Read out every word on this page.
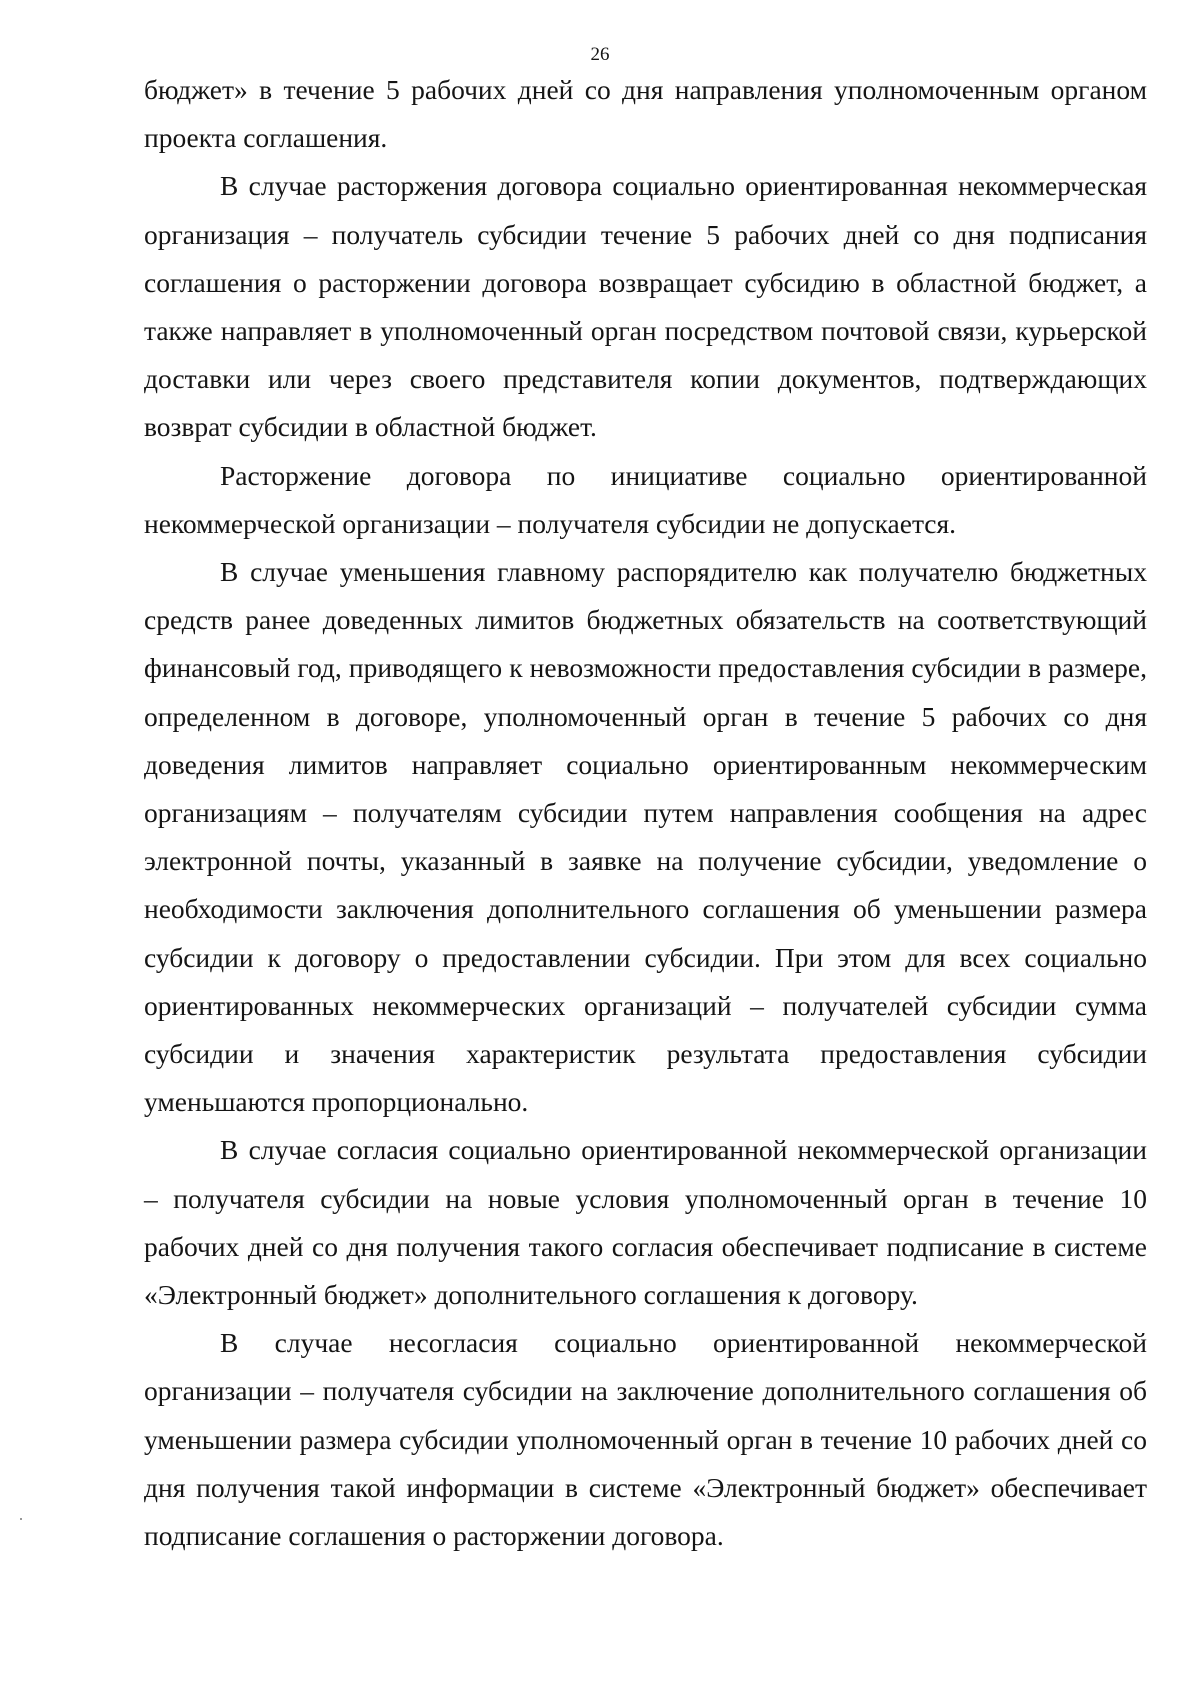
26

бюджет» в течение 5 рабочих дней со дня направления уполномоченным органом проекта соглашения.

В случае расторжения договора социально ориентированная некоммерческая организация – получатель субсидии течение 5 рабочих дней со дня подписания соглашения о расторжении договора возвращает субсидию в областной бюджет, а также направляет в уполномоченный орган посредством почтовой связи, курьерской доставки или через своего представителя копии документов, подтверждающих возврат субсидии в областной бюджет.

Расторжение договора по инициативе социально ориентированной некоммерческой организации – получателя субсидии не допускается.

В случае уменьшения главному распорядителю как получателю бюджетных средств ранее доведенных лимитов бюджетных обязательств на соответствующий финансовый год, приводящего к невозможности предоставления субсидии в размере, определенном в договоре, уполномоченный орган в течение 5 рабочих со дня доведения лимитов направляет социально ориентированным некоммерческим организациям – получателям субсидии путем направления сообщения на адрес электронной почты, указанный в заявке на получение субсидии, уведомление о необходимости заключения дополнительного соглашения об уменьшении размера субсидии к договору о предоставлении субсидии. При этом для всех социально ориентированных некоммерческих организаций – получателей субсидии сумма субсидии и значения характеристик результата предоставления субсидии уменьшаются пропорционально.

В случае согласия социально ориентированной некоммерческой организации – получателя субсидии на новые условия уполномоченный орган в течение 10 рабочих дней со дня получения такого согласия обеспечивает подписание в системе «Электронный бюджет» дополнительного соглашения к договору.

В случае несогласия социально ориентированной некоммерческой организации – получателя субсидии на заключение дополнительного соглашения об уменьшении размера субсидии уполномоченный орган в течение 10 рабочих дней со дня получения такой информации в системе «Электронный бюджет» обеспечивает подписание соглашения о расторжении договора.
